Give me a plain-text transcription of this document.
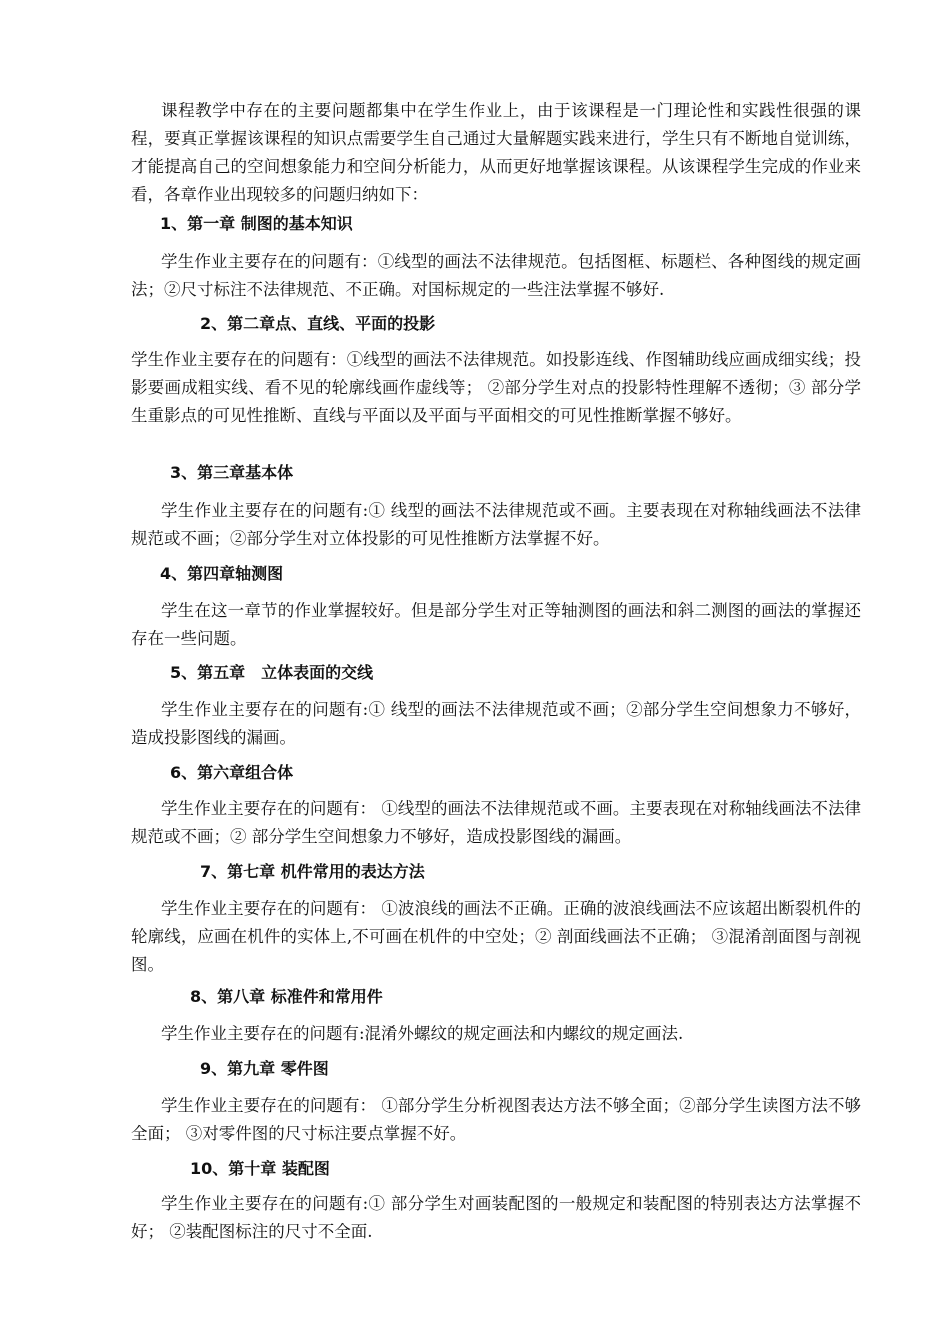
课程教学中存在的主要问题都集中在学生作业上，由于该课程是一门理论性和实践性很强的课程，要真正掌握该课程的知识点需要学生自己通过大量解题实践来进行，学生只有不断地自觉训练，才能提高自己的空间想象能力和空间分析能力，从而更好地掌握该课程。从该课程学生完成的作业来看，各章作业出现较多的问题归纳如下：

1、第一章 制图的基本知识

学生作业主要存在的问题有：①线型的画法不法律规范。包括图框、标题栏、各种图线的规定画法；②尺寸标注不法律规范、不正确。对国标规定的一些注法掌握不够好.

2、第二章点、直线、平面的投影

学生作业主要存在的问题有：①线型的画法不法律规范。如投影连线、作图辅助线应画成细实线；投影要画成粗实线、看不见的轮廓线画作虚线等； ②部分学生对点的投影特性理解不透彻；③ 部分学生重影点的可见性推断、直线与平面以及平面与平面相交的可见性推断掌握不够好。

3、第三章基本体

学生作业主要存在的问题有:① 线型的画法不法律规范或不画。主要表现在对称轴线画法不法律规范或不画；②部分学生对立体投影的可见性推断方法掌握不好。

4、第四章轴测图

学生在这一章节的作业掌握较好。但是部分学生对正等轴测图的画法和斜二测图的画法的掌握还存在一些问题。

5、第五章　立体表面的交线

学生作业主要存在的问题有:① 线型的画法不法律规范或不画；②部分学生空间想象力不够好，造成投影图线的漏画。

6、第六章组合体

学生作业主要存在的问题有： ①线型的画法不法律规范或不画。主要表现在对称轴线画法不法律规范或不画；② 部分学生空间想象力不够好，造成投影图线的漏画。

7、第七章 机件常用的表达方法

学生作业主要存在的问题有： ①波浪线的画法不正确。正确的波浪线画法不应该超出断裂机件的轮廓线，应画在机件的实体上,不可画在机件的中空处；② 剖面线画法不正确； ③混淆剖面图与剖视图。

8、第八章 标准件和常用件

学生作业主要存在的问题有:混淆外螺纹的规定画法和内螺纹的规定画法.

9、第九章 零件图

学生作业主要存在的问题有： ①部分学生分析视图表达方法不够全面；②部分学生读图方法不够全面； ③对零件图的尺寸标注要点掌握不好。

10、第十章 装配图

学生作业主要存在的问题有:① 部分学生对画装配图的一般规定和装配图的特别表达方法掌握不好； ②装配图标注的尺寸不全面.
